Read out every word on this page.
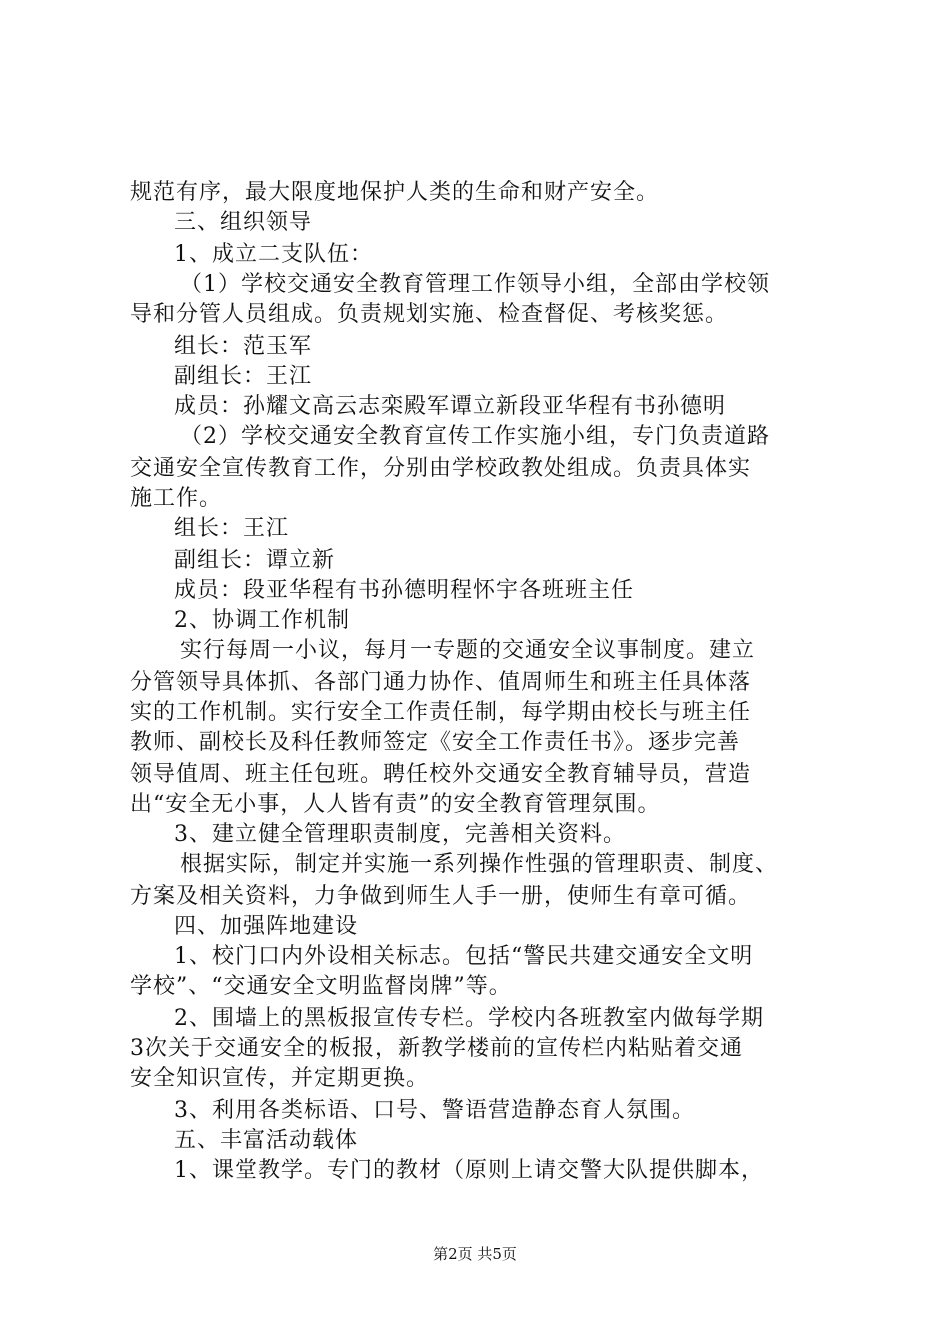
规范有序，最大限度地保护人类的生命和财产安全。
三、组织领导
1、成立二支队伍：
（1）学校交通安全教育管理工作领导小组，全部由学校领
导和分管人员组成。负责规划实施、检查督促、考核奖惩。
组长：范玉军
副组长：王江
成员：孙耀文高云志栾殿军谭立新段亚华程有书孙德明
（2）学校交通安全教育宣传工作实施小组，专门负责道路
交通安全宣传教育工作，分别由学校政教处组成。负责具体实
施工作。
组长：王江
副组长：谭立新
成员：段亚华程有书孙德明程怀宇各班班主任
2、协调工作机制
实行每周一小议，每月一专题的交通安全议事制度。建立
分管领导具体抓、各部门通力协作、值周师生和班主任具体落
实的工作机制。实行安全工作责任制，每学期由校长与班主任
教师、副校长及科任教师签定《安全工作责任书》。逐步完善
领导值周、班主任包班。聘任校外交通安全教育辅导员，营造
出“安全无小事，人人皆有责”的安全教育管理氛围。
3、建立健全管理职责制度，完善相关资料。
根据实际，制定并实施一系列操作性强的管理职责、制度、
方案及相关资料，力争做到师生人手一册，使师生有章可循。
四、加强阵地建设
1、校门口内外设相关标志。包括“警民共建交通安全文明
学校”、“交通安全文明监督岗牌”等。
2、围墙上的黑板报宣传专栏。学校内各班教室内做每学期
3次关于交通安全的板报，新教学楼前的宣传栏内粘贴着交通
安全知识宣传，并定期更换。
3、利用各类标语、口号、警语营造静态育人氛围。
五、丰富活动载体
1、课堂教学。专门的教材（原则上请交警大队提供脚本，
第2页 共5页
